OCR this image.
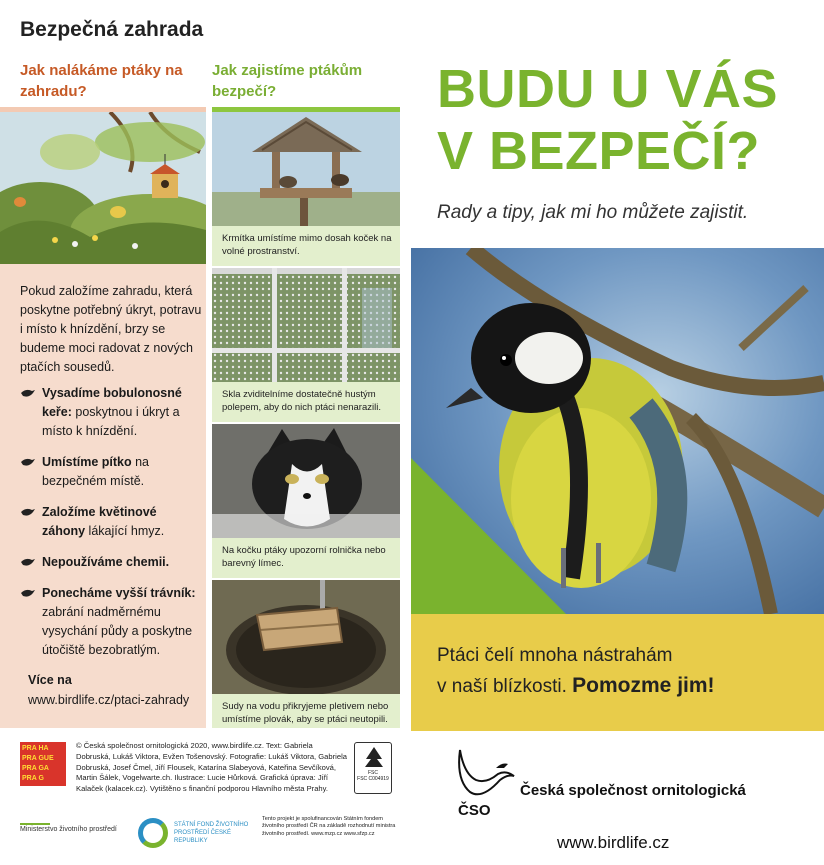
Bezpečná zahrada
Jak nalákáme ptáky na zahradu?
Jak zajistíme ptákům bezpečí?
Pokud založíme zahradu, která poskytne potřebný úkryt, potravu i místo k hnízdění, brzy se budeme moci radovat z nových ptačích sousedů.
Vysadíme bobulonosné keře: poskytnou i úkryt a místo k hnízdění.
Umístíme pítko na bezpečném místě.
Založíme květinové záhony lákající hmyz.
Nepoužíváme chemii.
Ponecháme vyšší trávník: zabrání nadměrnému vysychání půdy a poskytne útočiště bezobratlým.
Více na
www.birdlife.cz/ptaci-zahrady
Krmítka umístíme mimo dosah koček na volné prostranství.
Skla zviditelníme dostatečně hustým polepem, aby do nich ptáci nenarazili.
Na kočku ptáky upozorní rolnička nebo barevný límec.
Sudy na vodu přikryjeme pletivem nebo umístíme plovák, aby se ptáci neutopili.
BUDU U VÁS
V BEZPEČÍ?
Rady a tipy, jak mi ho můžete zajistit.
Ptáci čelí mnoha nástrahám
v naší blízkosti. Pomozme jim!
PRA HA
PRA GUE
PRA GA
PRA G
© Česká společnost ornitologická 2020, www.birdlife.cz. Text: Gabriela Dobruská, Lukáš Viktora, Evžen Tošenovský. Fotografie: Lukáš Viktora, Gabriela Dobruská, Josef Čmel, Jiří Flousek, Katarína Slabeyová, Kateřina Sevčíková, Martin Šálek, Vogelwarte.ch. Ilustrace: Lucie Hůrková. Grafická úprava: Jiří Kalaček (kalacek.cz). Vytištěno s finanční podporou Hlavního města Prahy.
FSC
FSC C004919
Ministerstvo životního prostředí
STÁTNÍ FOND ŽIVOTNÍHO PROSTŘEDÍ ČESKÉ REPUBLIKY
Tento projekt je spolufinancován Státním fondem životního prostředí ČR na základě rozhodnutí ministra životního prostředí. www.mzp.cz www.sfzp.cz
ČSO
Česká společnost ornitologická
www.birdlife.cz
